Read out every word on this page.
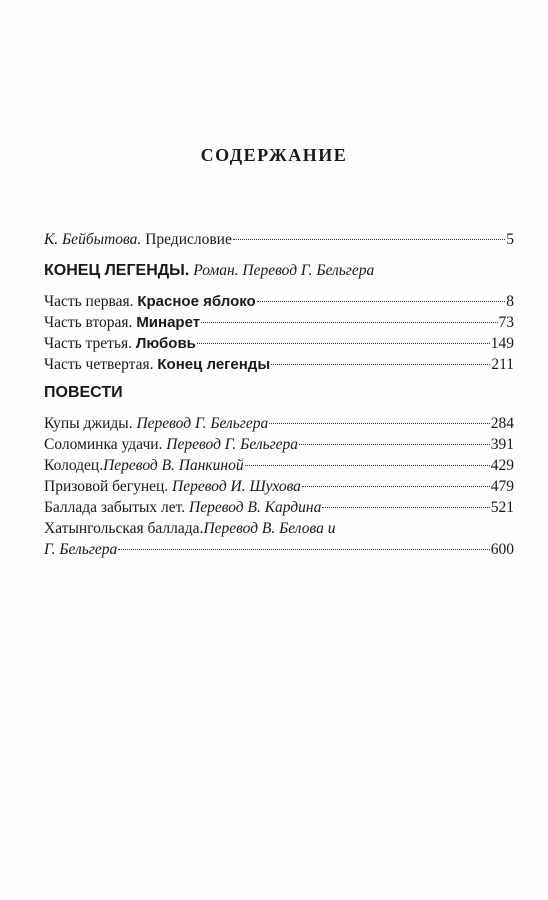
СОДЕРЖАНИЕ
К. Бейбытова. Предисловие	5
КОНЕЦ ЛЕГЕНДЫ. Роман. Перевод Г. Бельгера
Часть первая. Красное яблоко	8
Часть вторая. Минарет	73
Часть третья. Любовь	149
Часть четвертая. Конец легенды	211
ПОВЕСТИ
Купы джиды. Перевод Г. Бельгера	284
Соломинка удачи. Перевод Г. Бельгера	391
Колодец.Перевод В. Панкиной	429
Призовой бегунец. Перевод И. Шухова	479
Баллада забытых лет. Перевод В. Кардина	521
Хатынгольская баллада.Перевод В. Белова и
Г. Бельгера	600
